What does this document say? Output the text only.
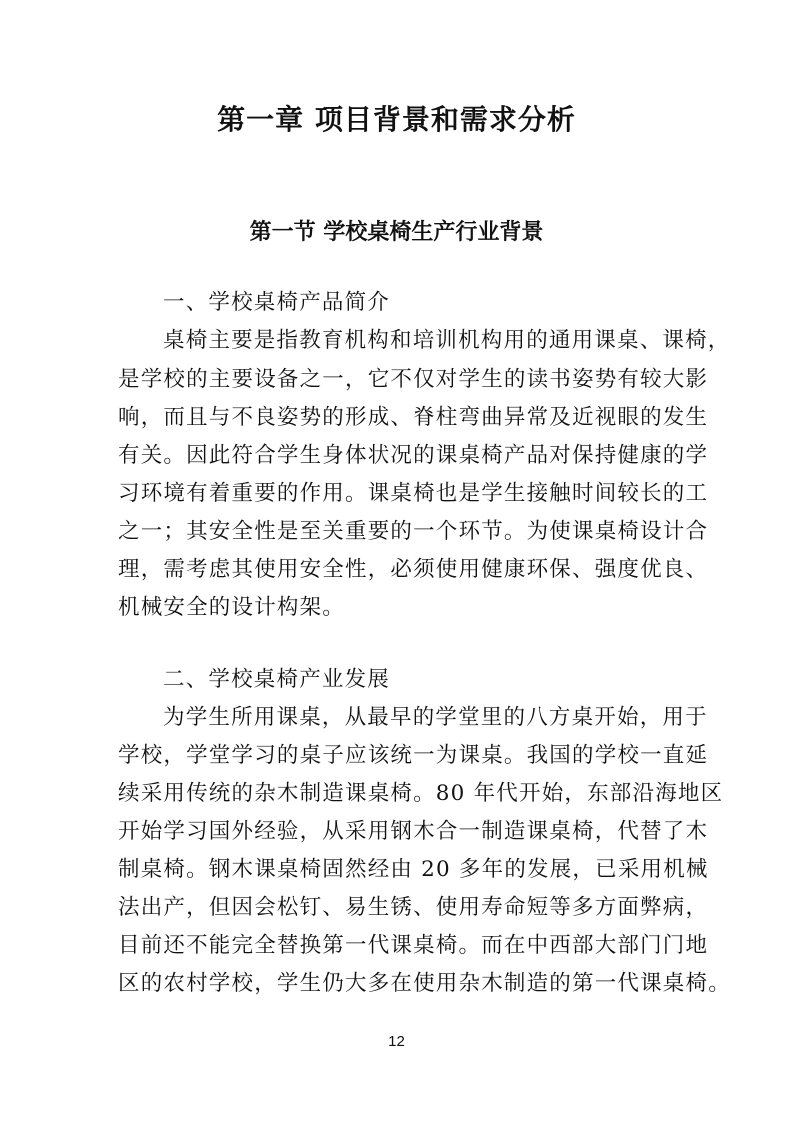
第一章 项目背景和需求分析
第一节 学校桌椅生产行业背景
一、学校桌椅产品简介
桌椅主要是指教育机构和培训机构用的通用课桌、课椅，
是学校的主要设备之一，它不仅对学生的读书姿势有较大影
响，而且与不良姿势的形成、脊柱弯曲异常及近视眼的发生
有关。因此符合学生身体状况的课桌椅产品对保持健康的学
习环境有着重要的作用。课桌椅也是学生接触时间较长的工
之一；其安全性是至关重要的一个环节。为使课桌椅设计合
理，需考虑其使用安全性，必须使用健康环保、强度优良、
机械安全的设计构架。
二、学校桌椅产业发展
为学生所用课桌，从最早的学堂里的八方桌开始，用于
学校，学堂学习的桌子应该统一为课桌。我国的学校一直延
续采用传统的杂木制造课桌椅。80 年代开始，东部沿海地区
开始学习国外经验，从采用钢木合一制造课桌椅，代替了木
制桌椅。钢木课桌椅固然经由 20 多年的发展，已采用机械
法出产，但因会松钉、易生锈、使用寿命短等多方面弊病，
目前还不能完全替换第一代课桌椅。而在中西部大部门门地
区的农村学校，学生仍大多在使用杂木制造的第一代课桌椅。
12
